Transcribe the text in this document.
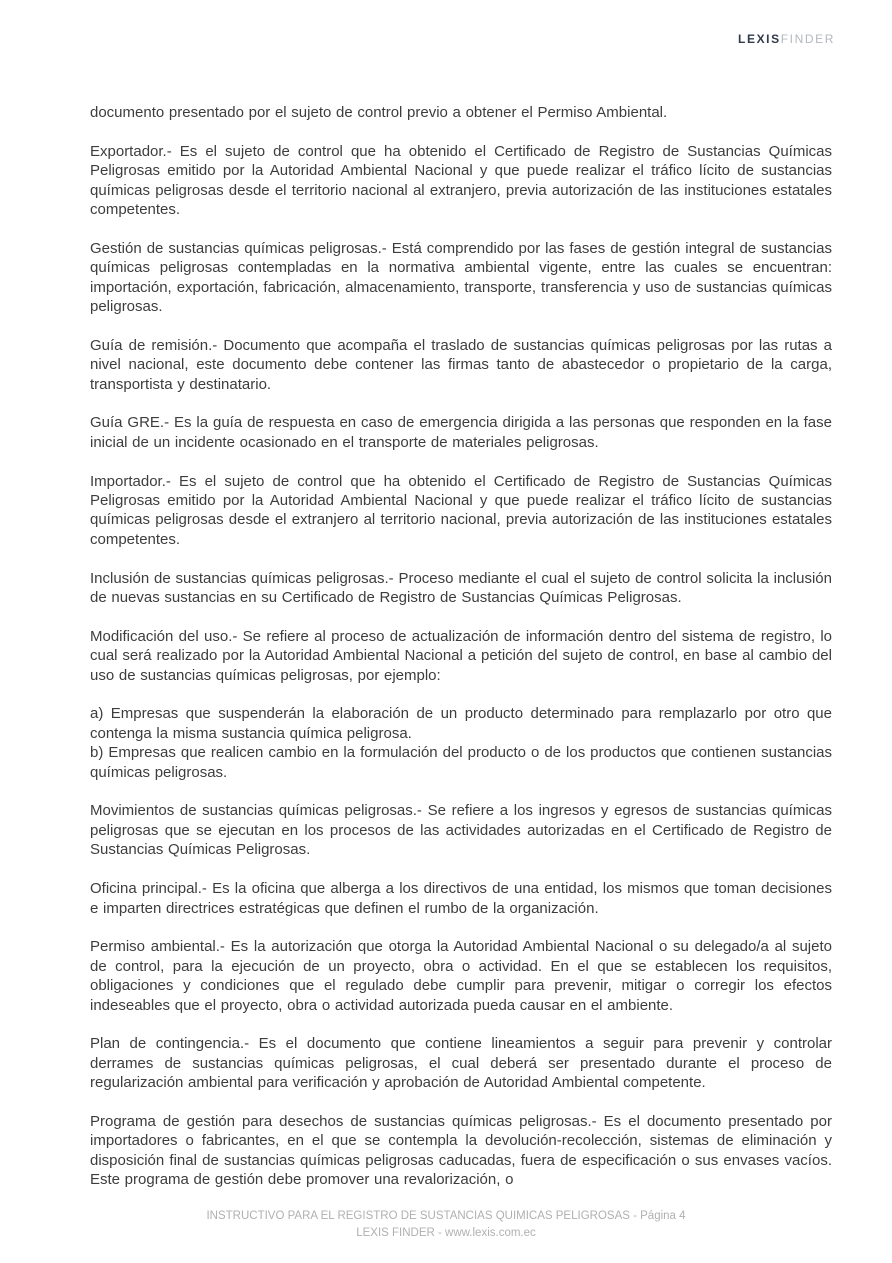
LEXISFINDER

documento presentado por el sujeto de control previo a obtener el Permiso Ambiental.

Exportador.- Es el sujeto de control que ha obtenido el Certificado de Registro de Sustancias Químicas Peligrosas emitido por la Autoridad Ambiental Nacional y que puede realizar el tráfico lícito de sustancias químicas peligrosas desde el territorio nacional al extranjero, previa autorización de las instituciones estatales competentes.

Gestión de sustancias químicas peligrosas.- Está comprendido por las fases de gestión integral de sustancias químicas peligrosas contempladas en la normativa ambiental vigente, entre las cuales se encuentran: importación, exportación, fabricación, almacenamiento, transporte, transferencia y uso de sustancias químicas peligrosas.

Guía de remisión.- Documento que acompaña el traslado de sustancias químicas peligrosas por las rutas a nivel nacional, este documento debe contener las firmas tanto de abastecedor o propietario de la carga, transportista y destinatario.

Guía GRE.- Es la guía de respuesta en caso de emergencia dirigida a las personas que responden en la fase inicial de un incidente ocasionado en el transporte de materiales peligrosas.

Importador.- Es el sujeto de control que ha obtenido el Certificado de Registro de Sustancias Químicas Peligrosas emitido por la Autoridad Ambiental Nacional y que puede realizar el tráfico lícito de sustancias químicas peligrosas desde el extranjero al territorio nacional, previa autorización de las instituciones estatales competentes.

Inclusión de sustancias químicas peligrosas.- Proceso mediante el cual el sujeto de control solicita la inclusión de nuevas sustancias en su Certificado de Registro de Sustancias Químicas Peligrosas.

Modificación del uso.- Se refiere al proceso de actualización de información dentro del sistema de registro, lo cual será realizado por la Autoridad Ambiental Nacional a petición del sujeto de control, en base al cambio del uso de sustancias químicas peligrosas, por ejemplo:

a) Empresas que suspenderán la elaboración de un producto determinado para remplazarlo por otro que contenga la misma sustancia química peligrosa.

b) Empresas que realicen cambio en la formulación del producto o de los productos que contienen sustancias químicas peligrosas.

Movimientos de sustancias químicas peligrosas.- Se refiere a los ingresos y egresos de sustancias químicas peligrosas que se ejecutan en los procesos de las actividades autorizadas en el Certificado de Registro de Sustancias Químicas Peligrosas.

Oficina principal.- Es la oficina que alberga a los directivos de una entidad, los mismos que toman decisiones e imparten directrices estratégicas que definen el rumbo de la organización.

Permiso ambiental.- Es la autorización que otorga la Autoridad Ambiental Nacional o su delegado/a al sujeto de control, para la ejecución de un proyecto, obra o actividad. En el que se establecen los requisitos, obligaciones y condiciones que el regulado debe cumplir para prevenir, mitigar o corregir los efectos indeseables que el proyecto, obra o actividad autorizada pueda causar en el ambiente.

Plan de contingencia.- Es el documento que contiene lineamientos a seguir para prevenir y controlar derrames de sustancias químicas peligrosas, el cual deberá ser presentado durante el proceso de regularización ambiental para verificación y aprobación de Autoridad Ambiental competente.

Programa de gestión para desechos de sustancias químicas peligrosas.- Es el documento presentado por importadores o fabricantes, en el que se contempla la devolución-recolección, sistemas de eliminación y disposición final de sustancias químicas peligrosas caducadas, fuera de especificación o sus envases vacíos. Este programa de gestión debe promover una revalorización, o

INSTRUCTIVO PARA EL REGISTRO DE SUSTANCIAS QUIMICAS PELIGROSAS - Página 4
LEXIS FINDER - www.lexis.com.ec
